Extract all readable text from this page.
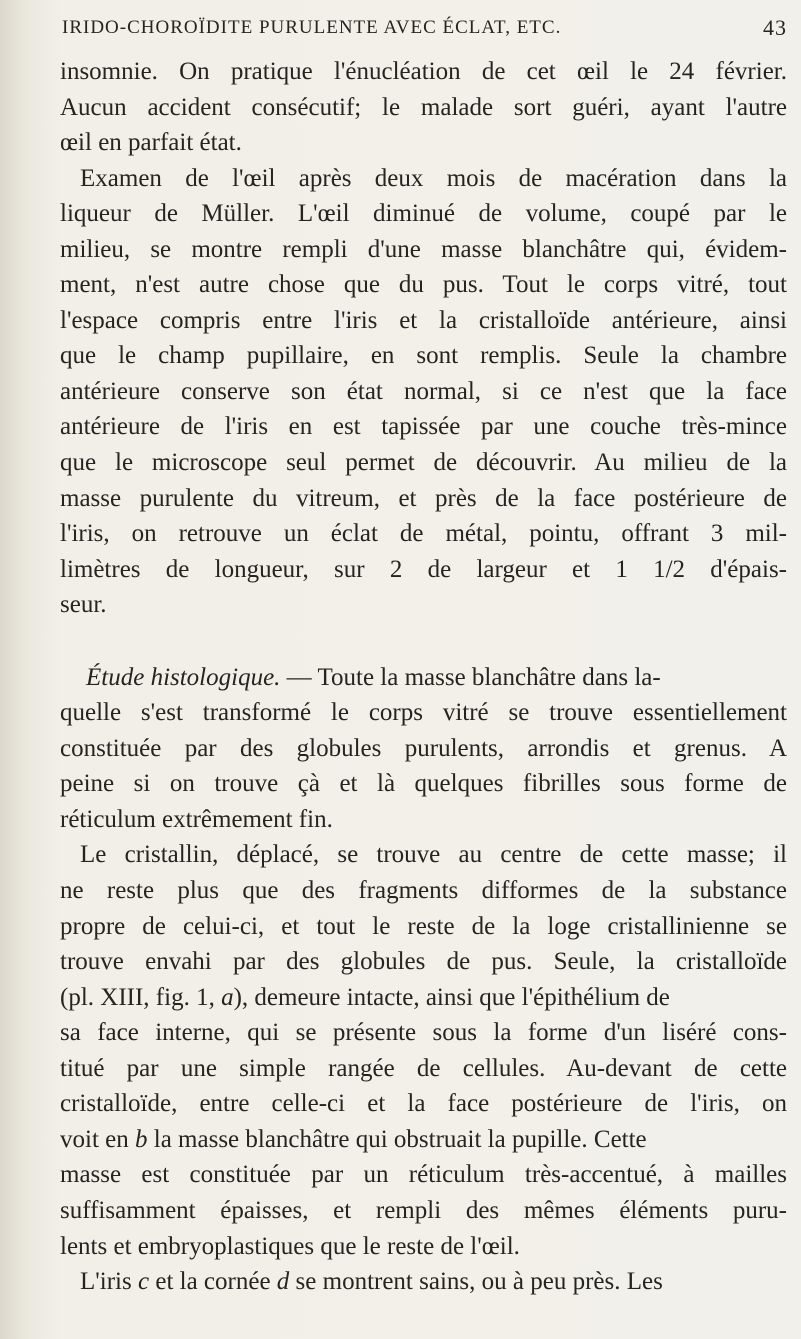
IRIDO-CHOROÏDITE PURULENTE AVEC ÉCLAT, ETC.	43
insomnie. On pratique l'énucléation de cet œil le 24 février.
Aucun accident consécutif; le malade sort guéri, ayant l'autre
œil en parfait état.
Examen de l'œil après deux mois de macération dans la
liqueur de Müller. L'œil diminué de volume, coupé par le
milieu, se montre rempli d'une masse blanchâtre qui, évidem-
ment, n'est autre chose que du pus. Tout le corps vitré, tout
l'espace compris entre l'iris et la cristalloïde antérieure, ainsi
que le champ pupillaire, en sont remplis. Seule la chambre
antérieure conserve son état normal, si ce n'est que la face
antérieure de l'iris en est tapissée par une couche très-mince
que le microscope seul permet de découvrir. Au milieu de la
masse purulente du vitreum, et près de la face postérieure de
l'iris, on retrouve un éclat de métal, pointu, offrant 3 mil-
limètres de longueur, sur 2 de largeur et 1 1/2 d'épais-
seur.
Étude histologique. — Toute la masse blanchâtre dans la-
quelle s'est transformé le corps vitré se trouve essentiellement
constituée par des globules purulents, arrondis et grenus. A
peine si on trouve çà et là quelques fibrilles sous forme de
réticulum extrêmement fin.
Le cristallin, déplacé, se trouve au centre de cette masse; il
ne reste plus que des fragments difformes de la substance
propre de celui-ci, et tout le reste de la loge cristallinienne se
trouve envahi par des globules de pus. Seule, la cristalloïde
(pl. XIII, fig. 1, a), demeure intacte, ainsi que l'épithélium de
sa face interne, qui se présente sous la forme d'un liséré cons-
titué par une simple rangée de cellules. Au-devant de cette
cristalloïde, entre celle-ci et la face postérieure de l'iris, on
voit en b la masse blanchâtre qui obstruait la pupille. Cette
masse est constituée par un réticulum très-accentué, à mailles
suffisamment épaisses, et rempli des mêmes éléments puru-
lents et embryoplastiques que le reste de l'œil.
L'iris c et la cornée d se montrent sains, ou à peu près. Les
